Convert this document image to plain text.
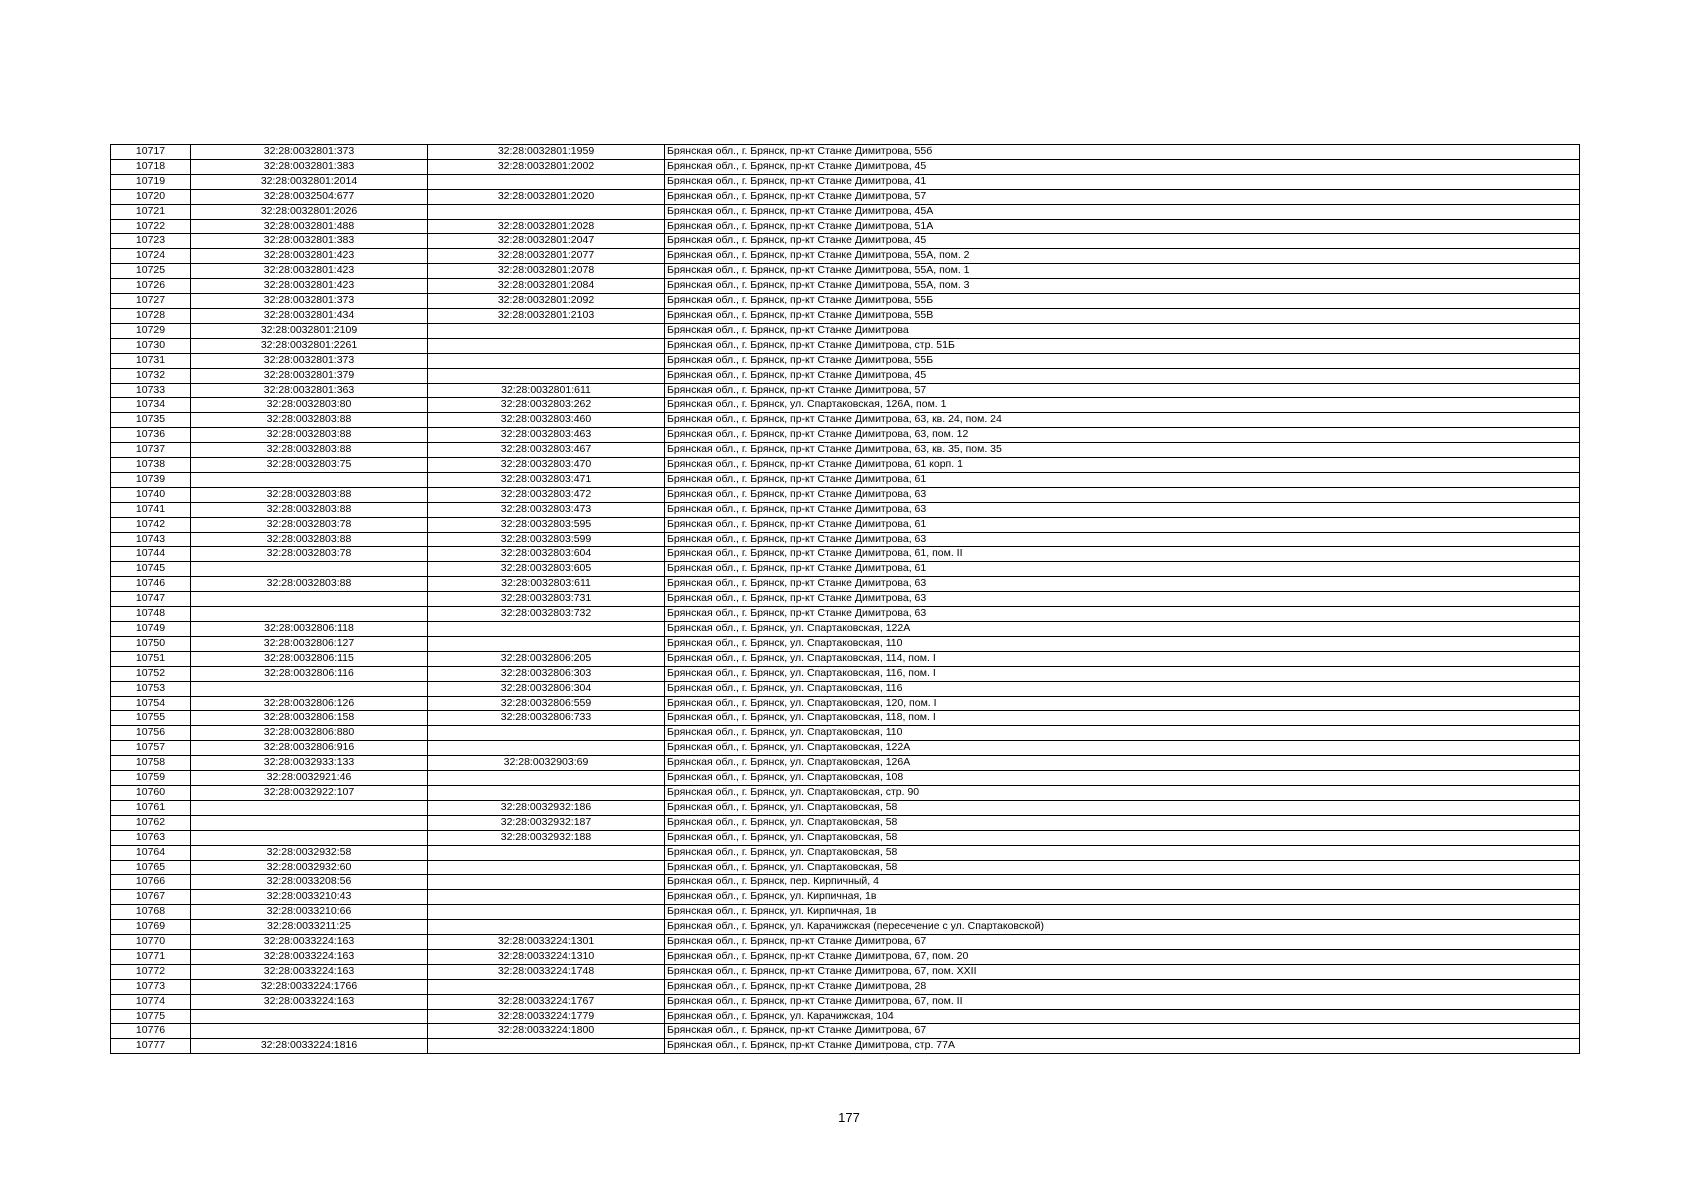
10717	32:28:0032801:373	32:28:0032801:1959	Брянская обл., г. Брянск, пр-кт Станке Димитрова, 55б
10718	32:28:0032801:383	32:28:0032801:2002	Брянская обл., г. Брянск, пр-кт Станке Димитрова, 45
10719	32:28:0032801:2014		Брянская обл., г. Брянск, пр-кт Станке Димитрова, 41
10720	32:28:0032504:677	32:28:0032801:2020	Брянская обл., г. Брянск, пр-кт Станке Димитрова, 57
10721	32:28:0032801:2026		Брянская обл., г. Брянск, пр-кт Станке Димитрова, 45А
10722	32:28:0032801:488	32:28:0032801:2028	Брянская обл., г. Брянск, пр-кт Станке Димитрова, 51А
10723	32:28:0032801:383	32:28:0032801:2047	Брянская обл., г. Брянск, пр-кт Станке Димитрова, 45
10724	32:28:0032801:423	32:28:0032801:2077	Брянская обл., г. Брянск, пр-кт Станке Димитрова, 55А, пом. 2
10725	32:28:0032801:423	32:28:0032801:2078	Брянская обл., г. Брянск, пр-кт Станке Димитрова, 55А, пом. 1
10726	32:28:0032801:423	32:28:0032801:2084	Брянская обл., г. Брянск, пр-кт Станке Димитрова, 55А, пом. 3
10727	32:28:0032801:373	32:28:0032801:2092	Брянская обл., г. Брянск, пр-кт Станке Димитрова, 55Б
10728	32:28:0032801:434	32:28:0032801:2103	Брянская обл., г. Брянск, пр-кт Станке Димитрова, 55В
10729	32:28:0032801:2109		Брянская обл., г. Брянск, пр-кт Станке Димитрова
10730	32:28:0032801:2261		Брянская обл., г. Брянск, пр-кт Станке Димитрова, стр. 51Б
10731	32:28:0032801:373		Брянская обл., г. Брянск, пр-кт Станке Димитрова, 55Б
10732	32:28:0032801:379		Брянская обл., г. Брянск, пр-кт Станке Димитрова, 45
10733	32:28:0032801:363	32:28:0032801:611	Брянская обл., г. Брянск, пр-кт Станке Димитрова, 57
10734	32:28:0032803:80	32:28:0032803:262	Брянская обл., г. Брянск, ул. Спартаковская, 126А, пом. 1
10735	32:28:0032803:88	32:28:0032803:460	Брянская обл., г. Брянск, пр-кт Станке Димитрова, 63, кв. 24, пом. 24
10736	32:28:0032803:88	32:28:0032803:463	Брянская обл., г. Брянск, пр-кт Станке Димитрова, 63, пом. 12
10737	32:28:0032803:88	32:28:0032803:467	Брянская обл., г. Брянск, пр-кт Станке Димитрова, 63, кв. 35, пом. 35
10738	32:28:0032803:75	32:28:0032803:470	Брянская обл., г. Брянск, пр-кт Станке Димитрова, 61 корп. 1
10739		32:28:0032803:471	Брянская обл., г. Брянск, пр-кт Станке Димитрова, 61
10740	32:28:0032803:88	32:28:0032803:472	Брянская обл., г. Брянск, пр-кт Станке Димитрова, 63
10741	32:28:0032803:88	32:28:0032803:473	Брянская обл., г. Брянск, пр-кт Станке Димитрова, 63
10742	32:28:0032803:78	32:28:0032803:595	Брянская обл., г. Брянск, пр-кт Станке Димитрова, 61
10743	32:28:0032803:88	32:28:0032803:599	Брянская обл., г. Брянск, пр-кт Станке Димитрова, 63
10744	32:28:0032803:78	32:28:0032803:604	Брянская обл., г. Брянск, пр-кт Станке Димитрова, 61, пом. II
10745		32:28:0032803:605	Брянская обл., г. Брянск, пр-кт Станке Димитрова, 61
10746	32:28:0032803:88	32:28:0032803:611	Брянская обл., г. Брянск, пр-кт Станке Димитрова, 63
10747		32:28:0032803:731	Брянская обл., г. Брянск, пр-кт Станке Димитрова, 63
10748		32:28:0032803:732	Брянская обл., г. Брянск, пр-кт Станке Димитрова, 63
10749	32:28:0032806:118		Брянская обл., г. Брянск, ул. Спартаковская, 122А
10750	32:28:0032806:127		Брянская обл., г. Брянск, ул. Спартаковская, 110
10751	32:28:0032806:115	32:28:0032806:205	Брянская обл., г. Брянск, ул. Спартаковская, 114, пом. I
10752	32:28:0032806:116	32:28:0032806:303	Брянская обл., г. Брянск, ул. Спартаковская, 116, пом. I
10753		32:28:0032806:304	Брянская обл., г. Брянск, ул. Спартаковская, 116
10754	32:28:0032806:126	32:28:0032806:559	Брянская обл., г. Брянск, ул. Спартаковская, 120, пом. I
10755	32:28:0032806:158	32:28:0032806:733	Брянская обл., г. Брянск, ул. Спартаковская, 118, пом. I
10756	32:28:0032806:880		Брянская обл., г. Брянск, ул. Спартаковская, 110
10757	32:28:0032806:916		Брянская обл., г. Брянск, ул. Спартаковская, 122А
10758	32:28:0032933:133	32:28:0032903:69	Брянская обл., г. Брянск, ул. Спартаковская, 126А
10759	32:28:0032921:46		Брянская обл., г. Брянск, ул. Спартаковская, 108
10760	32:28:0032922:107		Брянская обл., г. Брянск, ул. Спартаковская, стр. 90
10761		32:28:0032932:186	Брянская обл., г. Брянск, ул. Спартаковская, 58
10762		32:28:0032932:187	Брянская обл., г. Брянск, ул. Спартаковская, 58
10763		32:28:0032932:188	Брянская обл., г. Брянск, ул. Спартаковская, 58
10764	32:28:0032932:58		Брянская обл., г. Брянск, ул. Спартаковская, 58
10765	32:28:0032932:60		Брянская обл., г. Брянск, ул. Спартаковская, 58
10766	32:28:0033208:56		Брянская обл., г. Брянск, пер. Кирпичный, 4
10767	32:28:0033210:43		Брянская обл., г. Брянск, ул. Кирпичная, 1в
10768	32:28:0033210:66		Брянская обл., г. Брянск, ул. Кирпичная, 1в
10769	32:28:0033211:25		Брянская обл., г. Брянск, ул. Карачижская (пересечение с ул. Спартаковской)
10770	32:28:0033224:163	32:28:0033224:1301	Брянская обл., г. Брянск, пр-кт Станке Димитрова, 67
10771	32:28:0033224:163	32:28:0033224:1310	Брянская обл., г. Брянск, пр-кт Станке Димитрова, 67, пом. 20
10772	32:28:0033224:163	32:28:0033224:1748	Брянская обл., г. Брянск, пр-кт Станке Димитрова, 67, пом. XXII
10773	32:28:0033224:1766		Брянская обл., г. Брянск, пр-кт Станке Димитрова, 28
10774	32:28:0033224:163	32:28:0033224:1767	Брянская обл., г. Брянск, пр-кт Станке Димитрова, 67, пом. II
10775		32:28:0033224:1779	Брянская обл., г. Брянск, ул. Карачижская, 104
10776		32:28:0033224:1800	Брянская обл., г. Брянск, пр-кт Станке Димитрова, 67
10777	32:28:0033224:1816		Брянская обл., г. Брянск, пр-кт Станке Димитрова, стр. 77А
177
